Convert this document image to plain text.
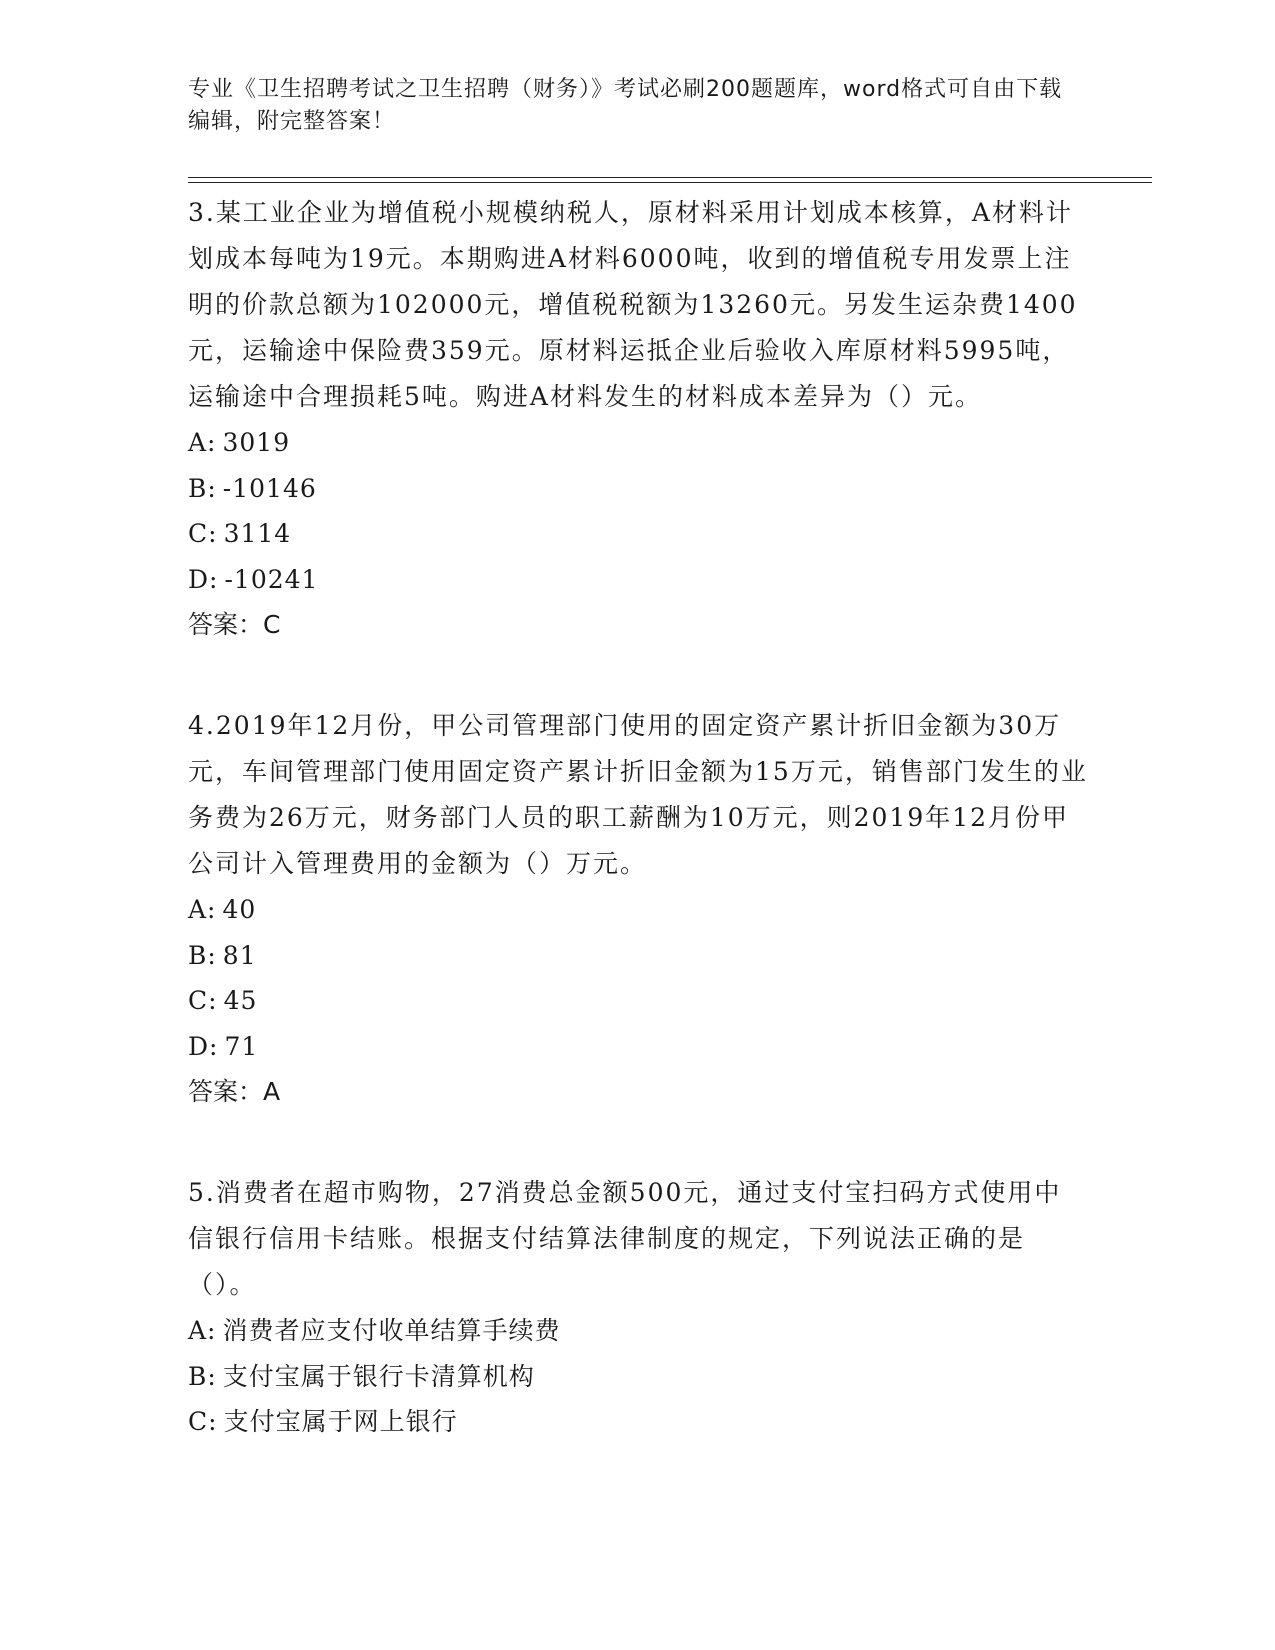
专业《卫生招聘考试之卫生招聘（财务）》考试必刷200题题库，word格式可自由下载编辑，附完整答案！

3.某工业企业为增值税小规模纳税人，原材料采用计划成本核算，A材料计划成本每吨为19元。本期购进A材料6000吨，收到的增值税专用发票上注明的价款总额为102000元，增值税税额为13260元。另发生运杂费1400元，运输途中保险费359元。原材料运抵企业后验收入库原材料5995吨，运输途中合理损耗5吨。购进A材料发生的材料成本差异为（）元。

A: 3019

B: -10146

C: 3114

D: -10241

答案：C

4.2019年12月份，甲公司管理部门使用的固定资产累计折旧金额为30万元，车间管理部门使用固定资产累计折旧金额为15万元，销售部门发生的业务费为26万元，财务部门人员的职工薪酬为10万元，则2019年12月份甲公司计入管理费用的金额为（）万元。

A: 40

B: 81

C: 45

D: 71

答案：A

5.消费者在超市购物，27消费总金额500元，通过支付宝扫码方式使用中信银行信用卡结账。根据支付结算法律制度的规定，下列说法正确的是（）。

A: 消费者应支付收单结算手续费

B: 支付宝属于银行卡清算机构

C: 支付宝属于网上银行
